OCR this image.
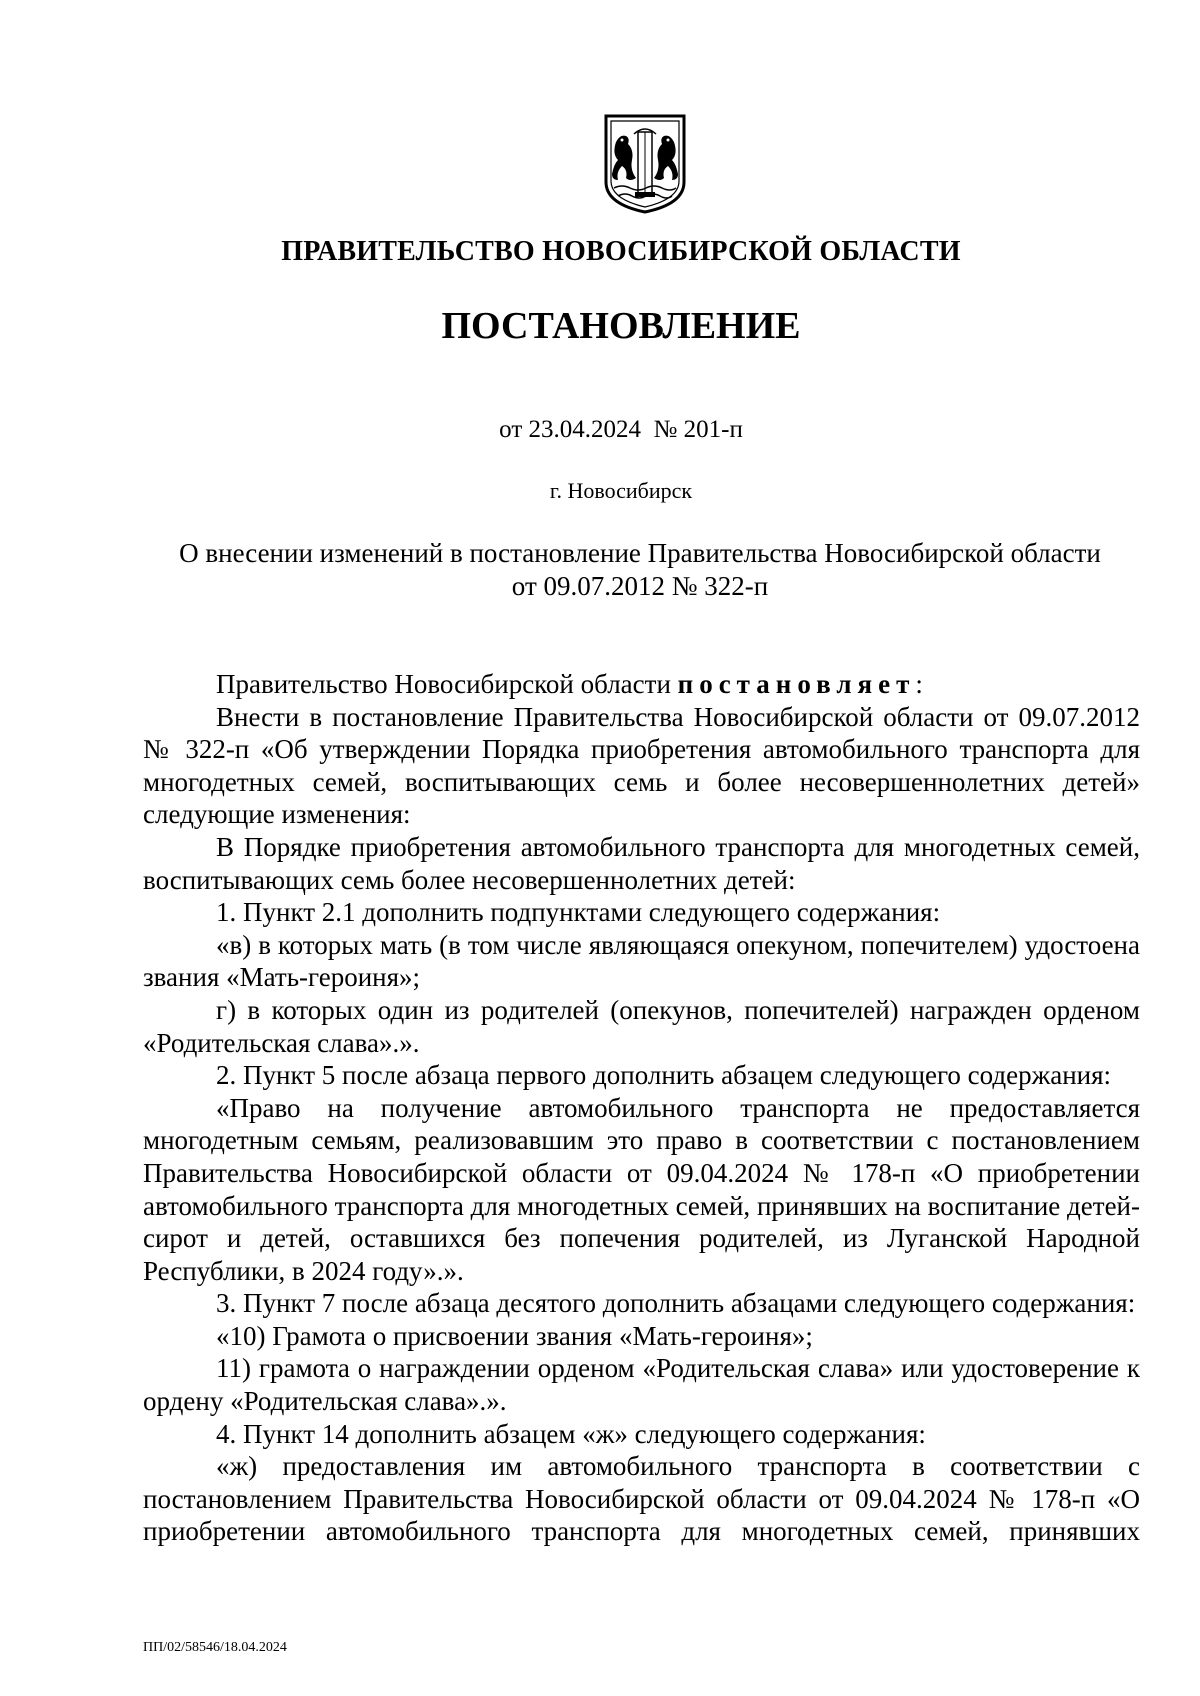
ПРАВИТЕЛЬСТВО НОВОСИБИРСКОЙ ОБЛАСТИ
ПОСТАНОВЛЕНИЕ
от 23.04.2024  № 201-п
г. Новосибирск
О внесении изменений в постановление Правительства Новосибирской области
от 09.07.2012 № 322-п

Правительство Новосибирской области постановляет:

Внести в постановление Правительства Новосибирской области от 09.07.2012 № 322-п «Об утверждении Порядка приобретения автомобильного транспорта для многодетных семей, воспитывающих семь и более несовершеннолетних детей» следующие изменения:

В Порядке приобретения автомобильного транспорта для многодетных семей, воспитывающих семь более несовершеннолетних детей:

1. Пункт 2.1 дополнить подпунктами следующего содержания:

«в) в которых мать (в том числе являющаяся опекуном, попечителем) удостоена звания «Мать-героиня»;

г) в которых один из родителей (опекунов, попечителей) награжден орденом «Родительская слава».».

2. Пункт 5 после абзаца первого дополнить абзацем следующего содержания:

«Право на получение автомобильного транспорта не предоставляется многодетным семьям, реализовавшим это право в соответствии с постановлением Правительства Новосибирской области от 09.04.2024 № 178-п «О приобретении автомобильного транспорта для многодетных семей, принявших на воспитание детей-сирот и детей, оставшихся без попечения родителей, из Луганской Народной Республики, в 2024 году».».

3. Пункт 7 после абзаца десятого дополнить абзацами следующего содержания:

«10) Грамота о присвоении звания «Мать-героиня»;

11) грамота о награждении орденом «Родительская слава» или удостоверение к ордену «Родительская слава».».

4. Пункт 14 дополнить абзацем «ж» следующего содержания:

«ж) предоставления им автомобильного транспорта в соответствии с постановлением Правительства Новосибирской области от 09.04.2024 № 178-п «О приобретении автомобильного транспорта для многодетных семей, принявших

ПП/02/58546/18.04.2024
